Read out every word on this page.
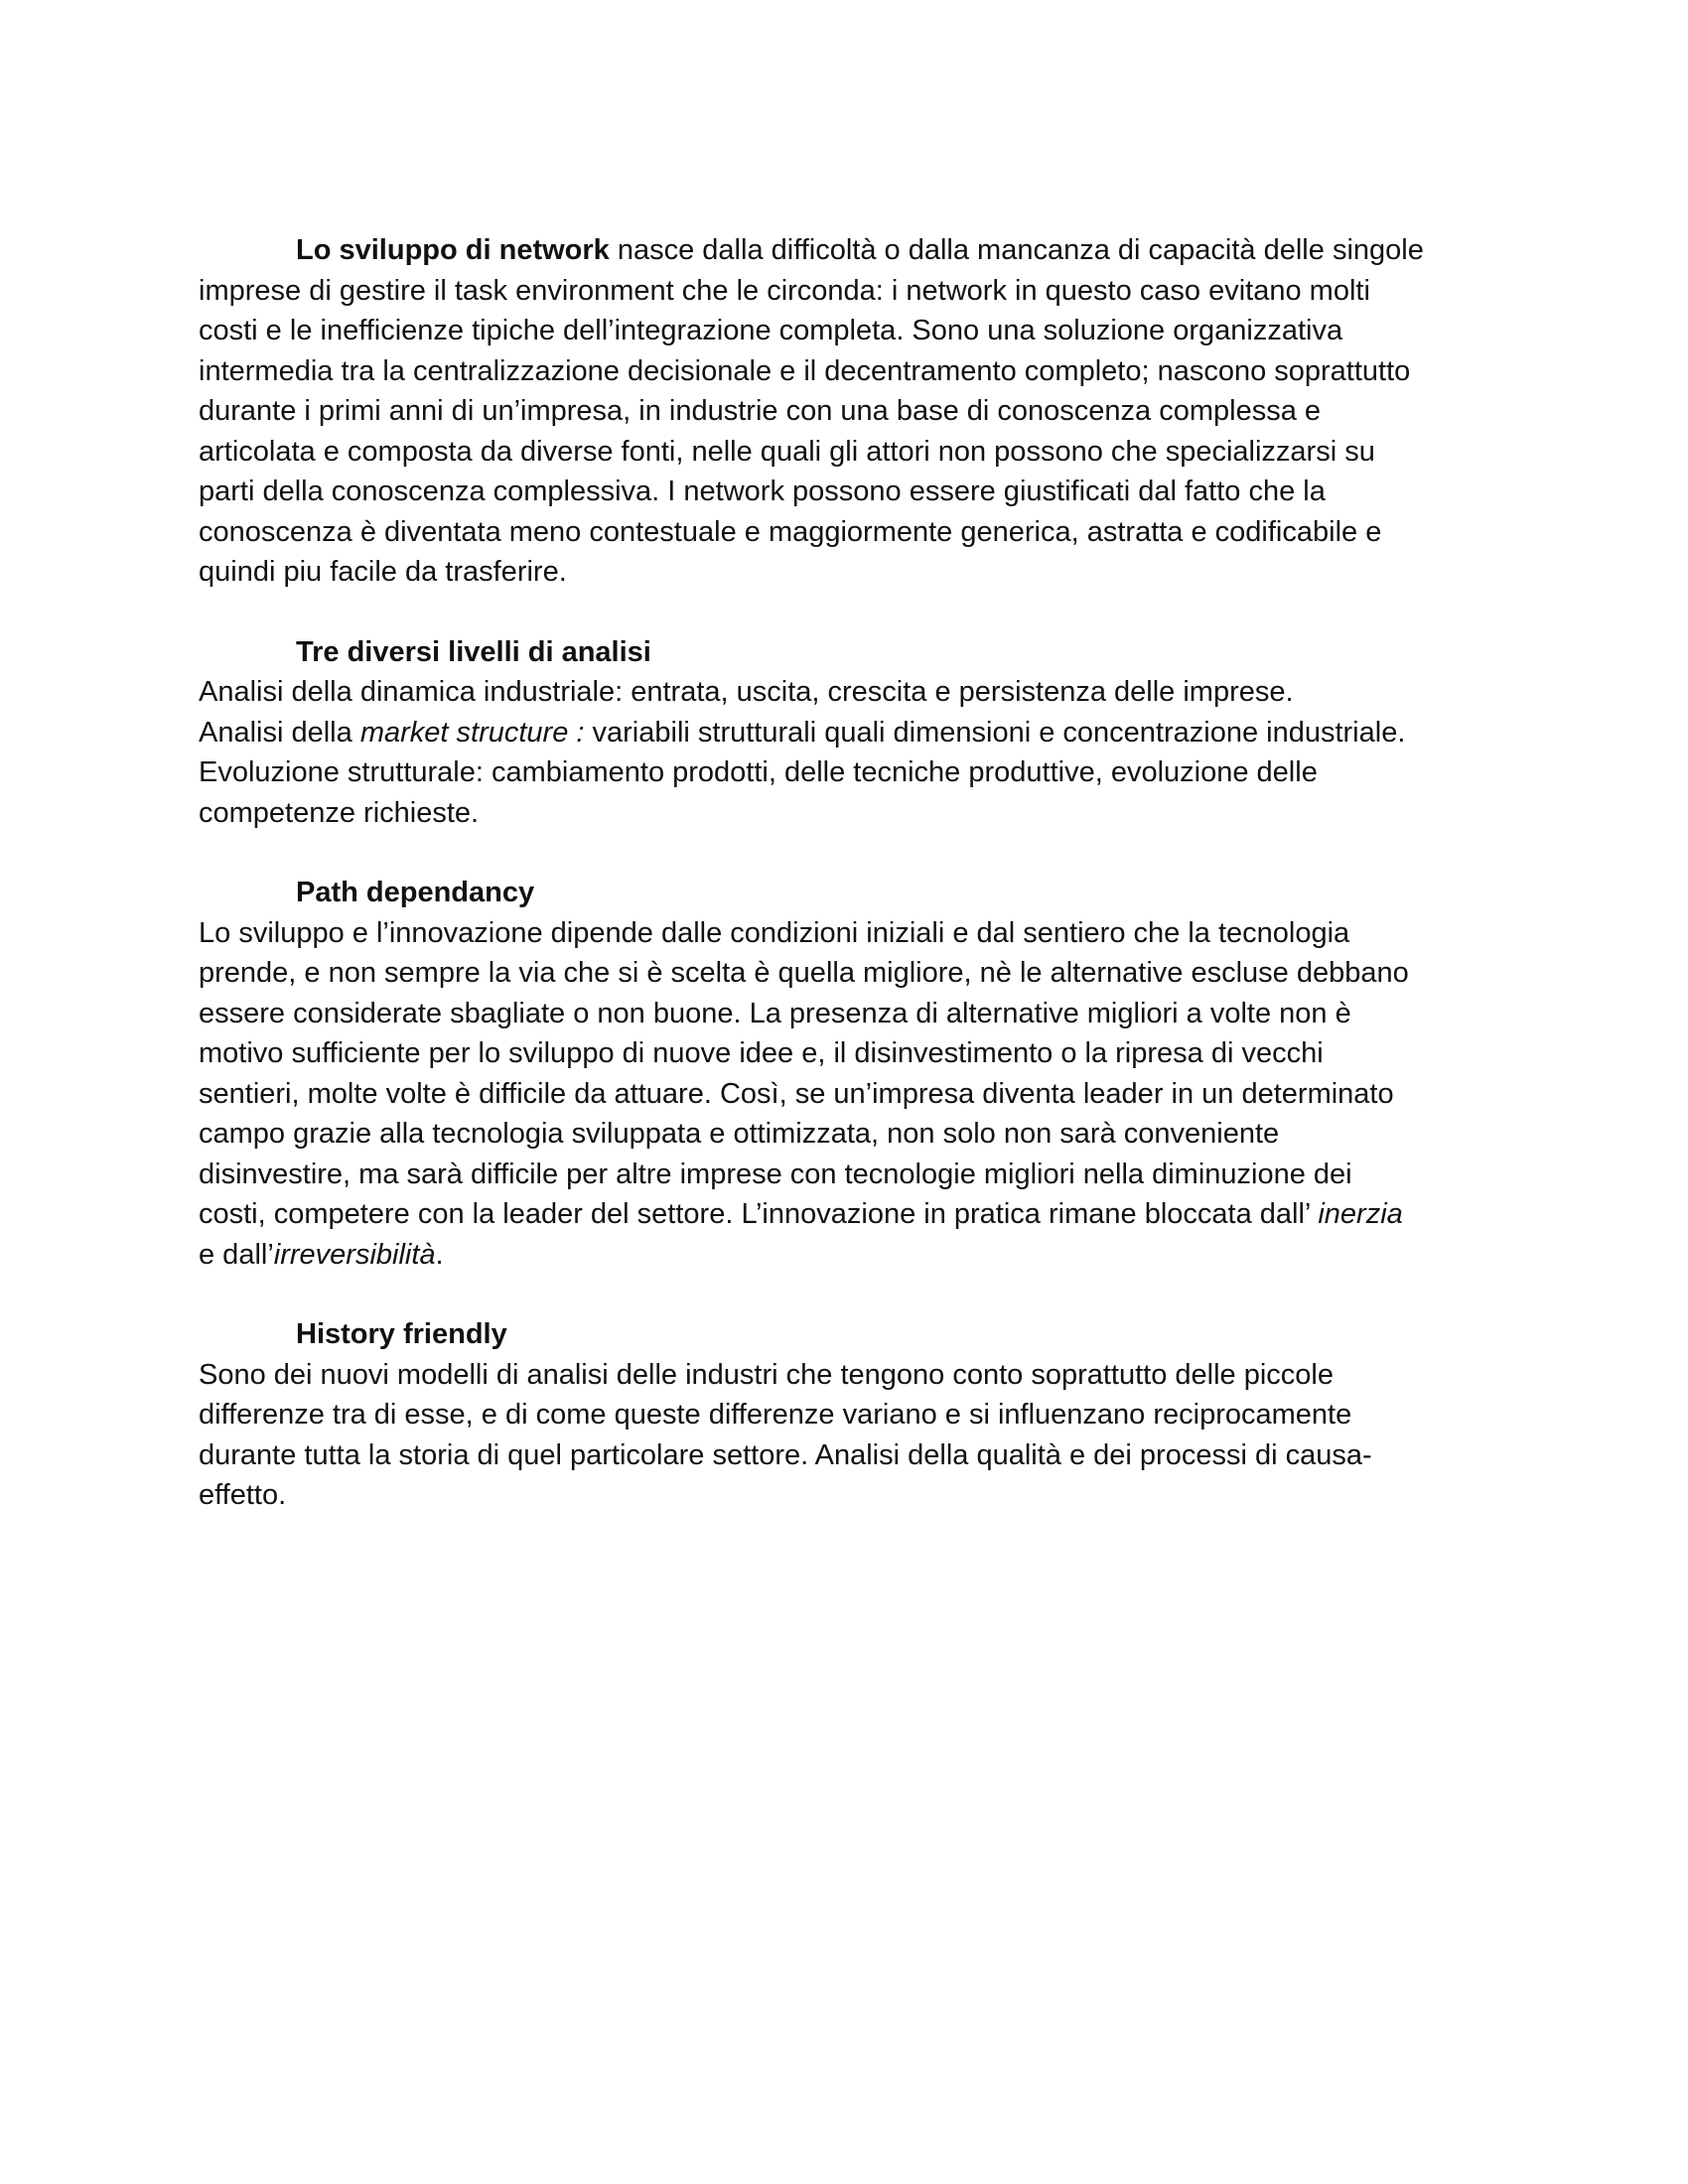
Lo sviluppo di network nasce dalla difficoltà o dalla mancanza di capacità delle singole
imprese di gestire il task environment che le circonda: i network in questo caso evitano molti
costi e le inefficienze tipiche dell’integrazione completa. Sono una soluzione organizzativa
intermedia tra la centralizzazione decisionale e il decentramento completo; nascono soprattutto
durante i primi anni di un’impresa, in industrie con una base di conoscenza complessa e
articolata e composta da diverse fonti, nelle quali gli attori non possono che specializzarsi su
parti della conoscenza complessiva. I network possono essere giustificati dal fatto che la
conoscenza è diventata meno contestuale e maggiormente generica, astratta e codificabile e
quindi piu facile da trasferire.
Tre diversi livelli di analisi
Analisi della dinamica industriale: entrata, uscita, crescita e persistenza delle imprese.
Analisi della market structure : variabili strutturali quali dimensioni e concentrazione industriale.
Evoluzione strutturale: cambiamento prodotti, delle tecniche produttive, evoluzione delle
competenze richieste.
Path dependancy
Lo sviluppo e l’innovazione dipende dalle condizioni iniziali e dal sentiero che la tecnologia
prende, e non sempre la via che si è scelta è quella migliore, nè le alternative escluse debbano
essere considerate sbagliate o non buone. La presenza di alternative migliori a volte non è
motivo sufficiente per lo sviluppo di nuove idee e, il disinvestimento o la ripresa di vecchi
sentieri, molte volte è difficile da attuare. Così, se un’impresa diventa leader in un determinato
campo grazie alla tecnologia sviluppata e ottimizzata, non solo non sarà conveniente
disinvestire, ma sarà difficile per altre imprese con tecnologie migliori nella diminuzione dei
costi, competere con la leader del settore. L’innovazione in pratica rimane bloccata dall’ inerzia
e dall’irreversibilità.
History friendly
Sono dei nuovi modelli di analisi delle industri che tengono conto soprattutto delle piccole
differenze tra di esse, e di come queste differenze variano e si influenzano reciprocamente
durante tutta la storia di quel particolare settore. Analisi della qualità e dei processi di causa-
effetto.
